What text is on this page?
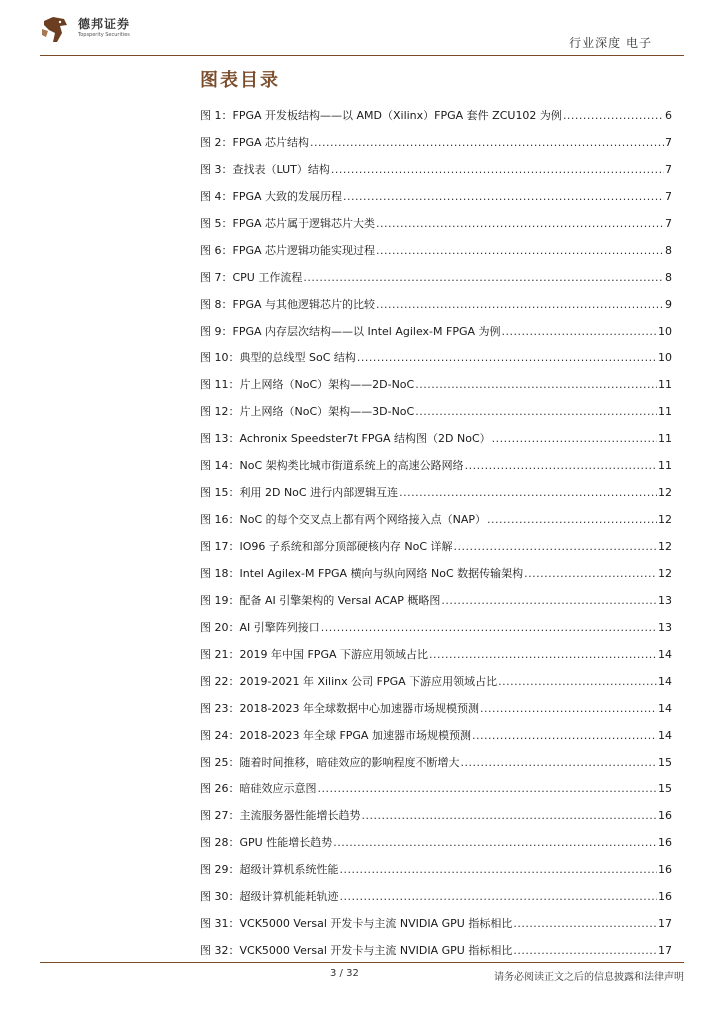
德邦证券
Topsperity Securities
行业深度 电子
图表目录
图 1：FPGA 开发板结构——以 AMD（Xilinx）FPGA 套件 ZCU102 为例 .....	6
图 2：FPGA 芯片结构 .....	7
图 3：查找表（LUT）结构 .....	7
图 4：FPGA 大致的发展历程 .....	7
图 5：FPGA 芯片属于逻辑芯片大类 .....	7
图 6：FPGA 芯片逻辑功能实现过程 .....	8
图 7：CPU 工作流程 .....	8
图 8：FPGA 与其他逻辑芯片的比较 .....	9
图 9：FPGA 内存层次结构——以 Intel Agilex-M FPGA 为例 .....	10
图 10：典型的总线型 SoC 结构 .....	10
图 11：片上网络（NoC）架构——2D-NoC .....	11
图 12：片上网络（NoC）架构——3D-NoC .....	11
图 13：Achronix Speedster7t FPGA 结构图（2D NoC） .....	11
图 14：NoC 架构类比城市街道系统上的高速公路网络 .....	11
图 15：利用 2D NoC 进行内部逻辑互连 .....	12
图 16：NoC 的每个交叉点上都有两个网络接入点（NAP） .....	12
图 17：IO96 子系统和部分顶部硬核内存 NoC 详解 .....	12
图 18：Intel Agilex-M FPGA 横向与纵向网络 NoC 数据传输架构 .....	12
图 19：配备 AI 引擎架构的 Versal ACAP 概略图 .....	13
图 20：AI 引擎阵列接口 .....	13
图 21：2019 年中国 FPGA 下游应用领域占比 .....	14
图 22：2019-2021 年 Xilinx 公司 FPGA 下游应用领域占比 .....	14
图 23：2018-2023 年全球数据中心加速器市场规模预测 .....	14
图 24：2018-2023 年全球 FPGA 加速器市场规模预测 .....	14
图 25：随着时间推移，暗硅效应的影响程度不断增大 .....	15
图 26：暗硅效应示意图 .....	15
图 27：主流服务器性能增长趋势 .....	16
图 28：GPU 性能增长趋势 .....	16
图 29：超级计算机系统性能 .....	16
图 30：超级计算机能耗轨迹 .....	16
图 31：VCK5000 Versal 开发卡与主流 NVIDIA GPU 指标相比 .....	17
图 32：VCK5000 Versal 开发卡与主流 NVIDIA GPU 指标相比 .....	17
3 / 32	请务必阅读正文之后的信息披露和法律声明
